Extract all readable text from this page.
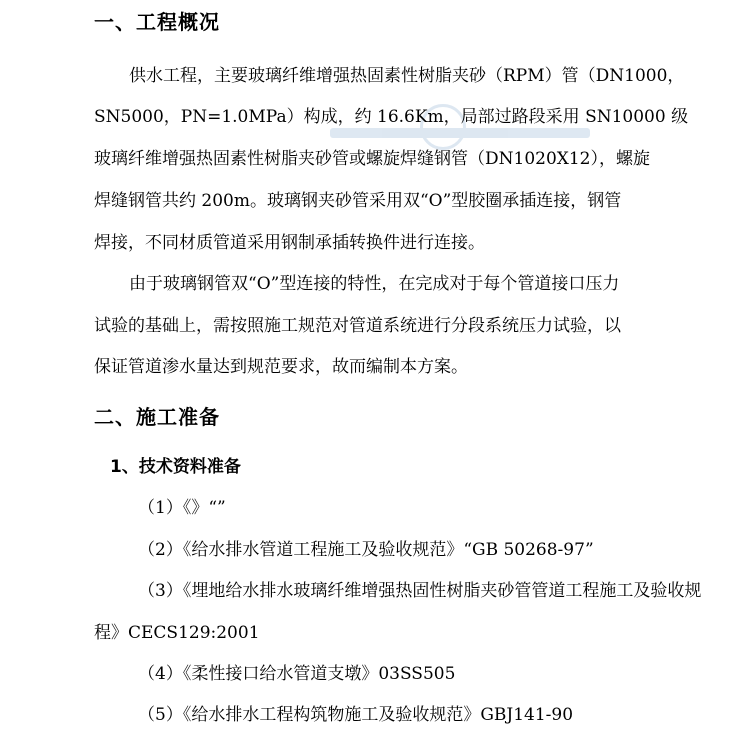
一、工程概况

供水工程，主要玻璃纤维增强热固素性树脂夹砂（RPM）管（DN1000，

SN5000，PN=1.0MPa）构成，约 16.6Km，局部过路段采用 SN10000 级

玻璃纤维增强热固素性树脂夹砂管或螺旋焊缝钢管（DN1020X12），螺旋

焊缝钢管共约 200m。玻璃钢夹砂管采用双“O”型胶圈承插连接，钢管

焊接，不同材质管道采用钢制承插转换件进行连接。

由于玻璃钢管双“O”型连接的特性，在完成对于每个管道接口压力

试验的基础上，需按照施工规范对管道系统进行分段系统压力试验，以

保证管道渗水量达到规范要求，故而编制本方案。

二、施工准备

1、技术资料准备

（1）《》“”

（2）《给水排水管道工程施工及验收规范》“GB 50268-97”

（3）《埋地给水排水玻璃纤维增强热固性树脂夹砂管管道工程施工及验收规

程》CECS129:2001

（4）《柔性接口给水管道支墩》03SS505

（5）《给水排水工程构筑物施工及验收规范》GBJ141-90
